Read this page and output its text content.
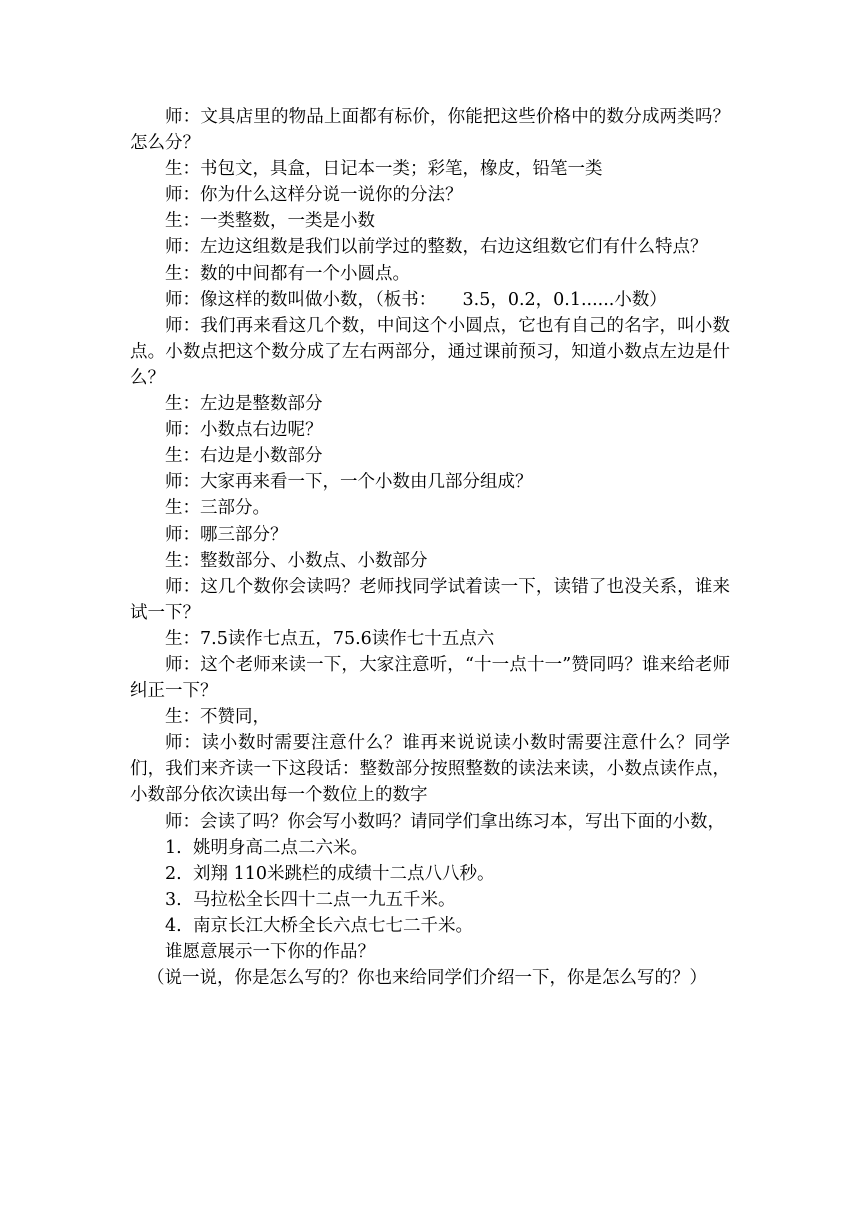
师：文具店里的物品上面都有标价，你能把这些价格中的数分成两类吗？怎么分？

生：书包文，具盒，日记本一类；彩笔，橡皮，铅笔一类

师：你为什么这样分说一说你的分法？

生：一类整数，一类是小数

师：左边这组数是我们以前学过的整数，右边这组数它们有什么特点？

生：数的中间都有一个小圆点。

师：像这样的数叫做小数，（板书：　　3.5，0.2，0.1......小数）

师：我们再来看这几个数，中间这个小圆点，它也有自己的名字，叫小数点。小数点把这个数分成了左右两部分，通过课前预习，知道小数点左边是什么？

生：左边是整数部分

师：小数点右边呢？

生：右边是小数部分

师：大家再来看一下，一个小数由几部分组成？

生：三部分。

师：哪三部分？

生：整数部分、小数点、小数部分

师：这几个数你会读吗？老师找同学试着读一下，读错了也没关系，谁来试一下？

生：7.5读作七点五，75.6读作七十五点六

师：这个老师来读一下，大家注意听，“十一点十一”赞同吗？谁来给老师纠正一下？

生：不赞同，

师：读小数时需要注意什么？谁再来说说读小数时需要注意什么？同学们，我们来齐读一下这段话：整数部分按照整数的读法来读，小数点读作点，小数部分依次读出每一个数位上的数字

师：会读了吗？你会写小数吗？请同学们拿出练习本，写出下面的小数，

1. 姚明身高二点二六米。

2. 刘翔 110米跳栏的成绩十二点八八秒。

3. 马拉松全长四十二点一九五千米。

4. 南京长江大桥全长六点七七二千米。

谁愿意展示一下你的作品？

（说一说，你是怎么写的？你也来给同学们介绍一下，你是怎么写的？）
